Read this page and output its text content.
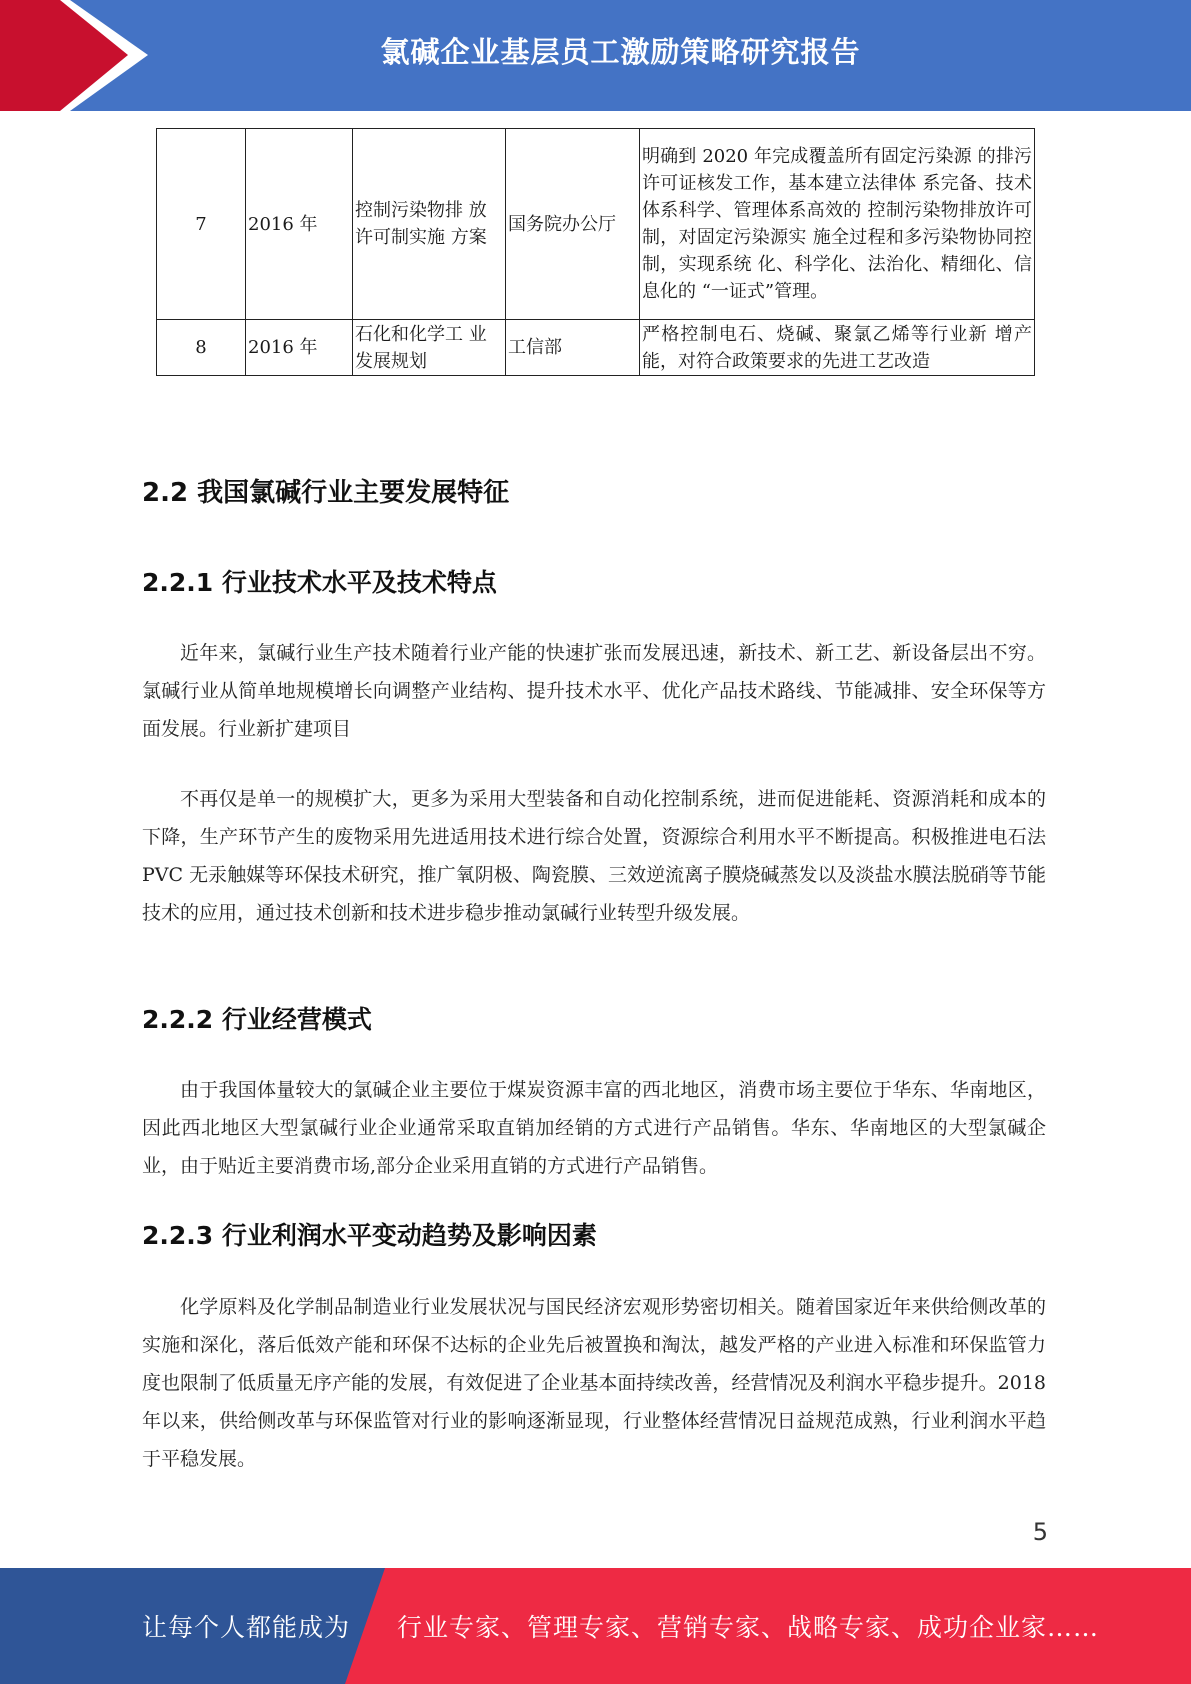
氯碱企业基层员工激励策略研究报告
7	2016 年	控制污染物排 放许可制实施 方案	国务院办公厅	明确到 2020 年完成覆盖所有固定污染源 的排污许可证核发工作，基本建立法律体 系完备、技术体系科学、管理体系高效的 控制污染物排放许可制，对固定污染源实 施全过程和多污染物协同控制，实现系统 化、科学化、法治化、精细化、信息化的 “一证式”管理。
8	2016 年	石化和化学工 业发展规划	工信部	严格控制电石、烧碱、聚氯乙烯等行业新 增产能，对符合政策要求的先进工艺改造
2.2 我国氯碱行业主要发展特征
2.2.1 行业技术水平及技术特点

近年来，氯碱行业生产技术随着行业产能的快速扩张而发展迅速，新技术、新工艺、新设备层出不穷。氯碱行业从简单地规模增长向调整产业结构、提升技术水平、优化产品技术路线、节能减排、安全环保等方面发展。行业新扩建项目

不再仅是单一的规模扩大，更多为采用大型装备和自动化控制系统，进而促进能耗、资源消耗和成本的下降，生产环节产生的废物采用先进适用技术进行综合处置，资源综合利用水平不断提高。积极推进电石法 PVC 无汞触媒等环保技术研究，推广氧阴极、陶瓷膜、三效逆流离子膜烧碱蒸发以及淡盐水膜法脱硝等节能技术的应用，通过技术创新和技术进步稳步推动氯碱行业转型升级发展。

2.2.2 行业经营模式

由于我国体量较大的氯碱企业主要位于煤炭资源丰富的西北地区，消费市场主要位于华东、华南地区，因此西北地区大型氯碱行业企业通常采取直销加经销的方式进行产品销售。华东、华南地区的大型氯碱企业，由于贴近主要消费市场,部分企业采用直销的方式进行产品销售。

2.2.3 行业利润水平变动趋势及影响因素

化学原料及化学制品制造业行业发展状况与国民经济宏观形势密切相关。随着国家近年来供给侧改革的实施和深化，落后低效产能和环保不达标的企业先后被置换和淘汰，越发严格的产业进入标准和环保监管力度也限制了低质量无序产能的发展，有效促进了企业基本面持续改善，经营情况及利润水平稳步提升。2018 年以来，供给侧改革与环保监管对行业的影响逐渐显现，行业整体经营情况日益规范成熟，行业利润水平趋于平稳发展。

5
让每个人都能成为 行业专家、管理专家、营销专家、战略专家、成功企业家……
